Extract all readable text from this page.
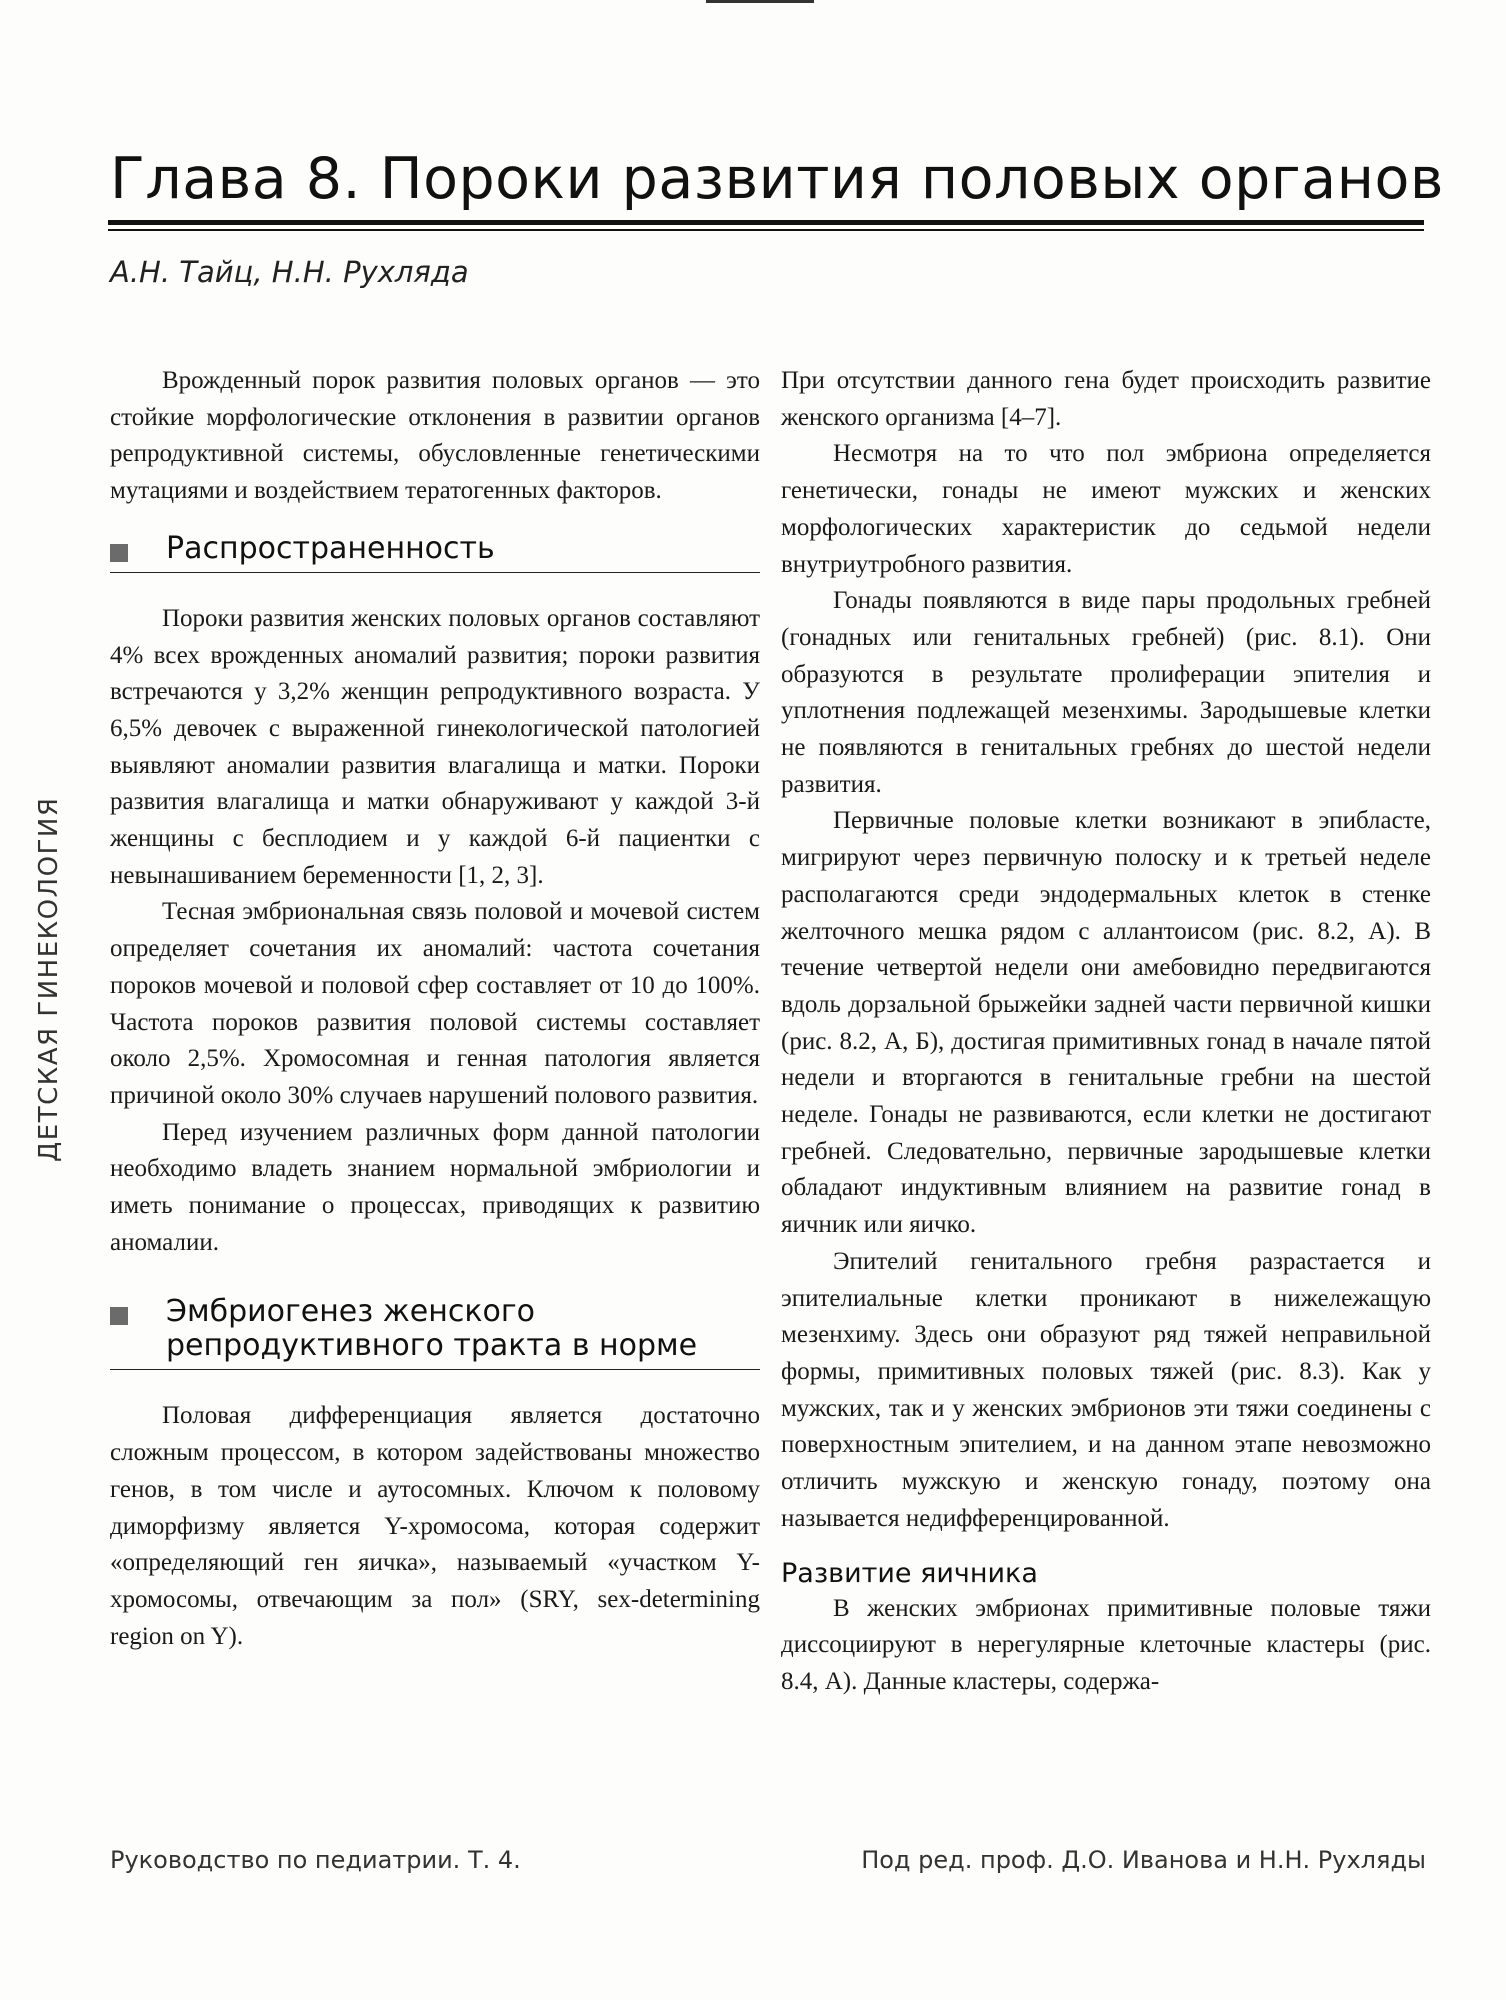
Глава 8. Пороки развития половых органов
А.Н. Тайц, Н.Н. Рухляда
ДЕТСКАЯ ГИНЕКОЛОГИЯ

Врожденный порок развития половых органов — это стойкие морфологические отклонения в развитии органов репродуктивной системы, обусловленные генетическими мутациями и воздействием тератогенных факторов.

Распространенность

Пороки развития женских половых органов составляют 4% всех врожденных аномалий развития; пороки развития встречаются у 3,2% женщин репродуктивного возраста. У 6,5% девочек с выраженной гинекологической патологией выявляют аномалии развития влагалища и матки. Пороки развития влагалища и матки обнаруживают у каждой 3-й женщины с бесплодием и у каждой 6-й пациентки с невынашиванием беременности [1, 2, 3].

Тесная эмбриональная связь половой и мочевой систем определяет сочетания их аномалий: частота сочетания пороков мочевой и половой сфер составляет от 10 до 100%. Частота пороков развития половой системы составляет около 2,5%. Хромосомная и генная патология является причиной около 30% случаев нарушений полового развития.

Перед изучением различных форм данной патологии необходимо владеть знанием нормальной эмбриологии и иметь понимание о процессах, приводящих к развитию аномалии.

Эмбриогенез женского
репродуктивного тракта в норме

Половая дифференциация является достаточно сложным процессом, в котором задействованы множество генов, в том числе и аутосомных. Ключом к половому диморфизму является Y-хромосома, которая содержит «определяющий ген яичка», называемый «участком Y-хромосомы, отвечающим за пол» (SRY, sex-determining region on Y).

При отсутствии данного гена будет происходить развитие женского организма [4–7].

Несмотря на то что пол эмбриона определяется генетически, гонады не имеют мужских и женских морфологических характеристик до седьмой недели внутриутробного развития.

Гонады появляются в виде пары продольных гребней (гонадных или генитальных гребней) (рис. 8.1). Они образуются в результате пролиферации эпителия и уплотнения подлежащей мезенхимы. Зародышевые клетки не появляются в генитальных гребнях до шестой недели развития.

Первичные половые клетки возникают в эпибласте, мигрируют через первичную полоску и к третьей неделе располагаются среди эндодермальных клеток в стенке желточного мешка рядом с аллантоисом (рис. 8.2, А). В течение четвертой недели они амебовидно передвигаются вдоль дорзальной брыжейки задней части первичной кишки (рис. 8.2, А, Б), достигая примитивных гонад в начале пятой недели и вторгаются в генитальные гребни на шестой неделе. Гонады не развиваются, если клетки не достигают гребней. Следовательно, первичные зародышевые клетки обладают индуктивным влиянием на развитие гонад в яичник или яичко.

Эпителий генитального гребня разрастается и эпителиальные клетки проникают в нижележащую мезенхиму. Здесь они образуют ряд тяжей неправильной формы, примитивных половых тяжей (рис. 8.3). Как у мужских, так и у женских эмбрионов эти тяжи соединены с поверхностным эпителием, и на данном этапе невозможно отличить мужскую и женскую гонаду, поэтому она называется недифференцированной.

Развитие яичника

В женских эмбрионах примитивные половые тяжи диссоциируют в нерегулярные клеточные кластеры (рис. 8.4, А). Данные кластеры, содержа-

Руководство по педиатрии. Т. 4.	Под ред. проф. Д.О. Иванова и Н.Н. Рухляды
